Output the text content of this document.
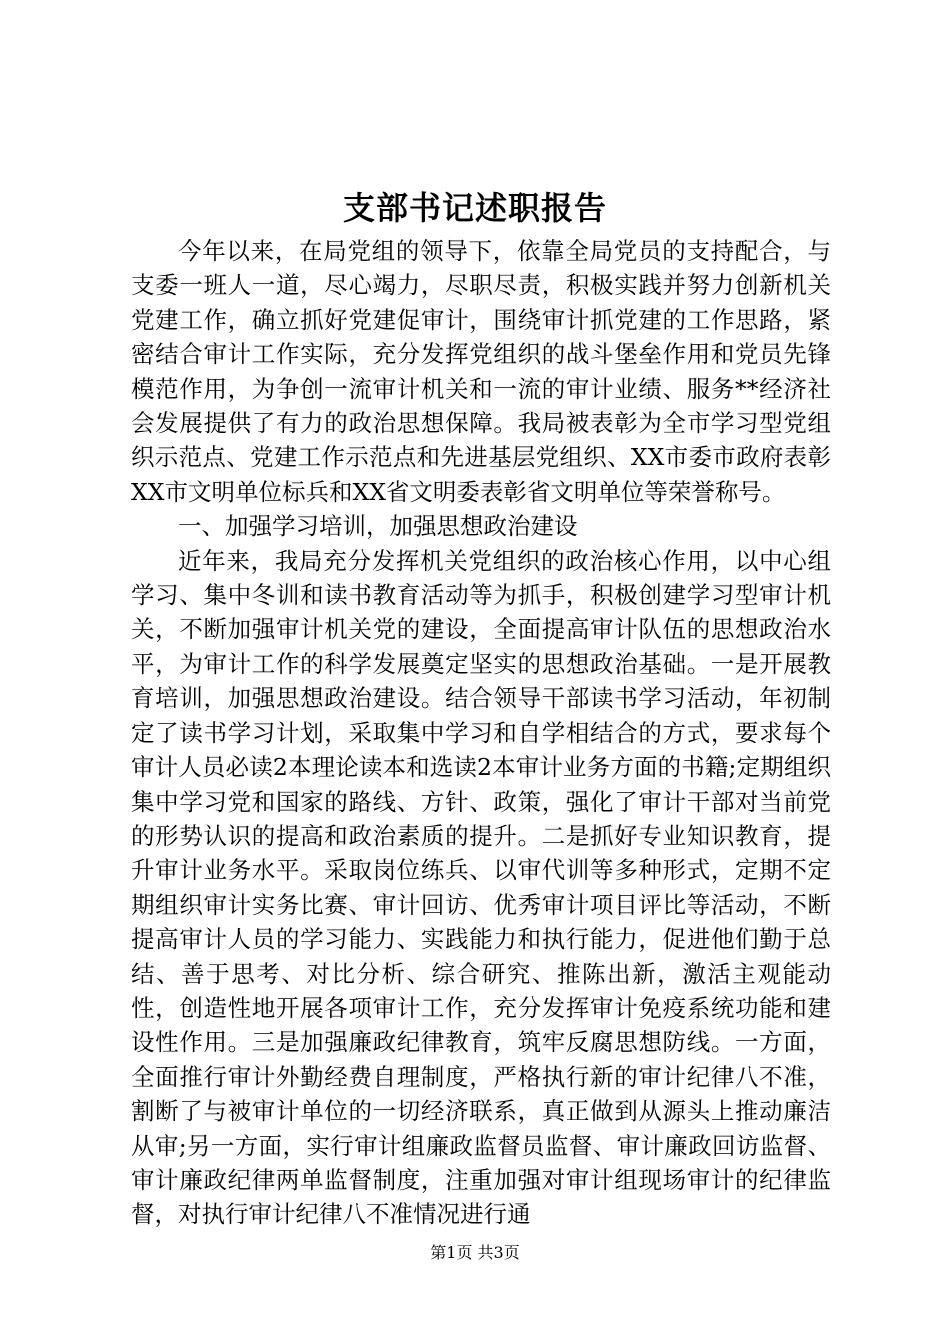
支部书记述职报告

今年以来，在局党组的领导下，依靠全局党员的支持配合，与支委一班人一道，尽心竭力，尽职尽责，积极实践并努力创新机关党建工作，确立抓好党建促审计，围绕审计抓党建的工作思路，紧密结合审计工作实际，充分发挥党组织的战斗堡垒作用和党员先锋模范作用，为争创一流审计机关和一流的审计业绩、服务**经济社会发展提供了有力的政治思想保障。我局被表彰为全市学习型党组织示范点、党建工作示范点和先进基层党组织、XX市委市政府表彰XX市文明单位标兵和XX省文明委表彰省文明单位等荣誉称号。

一、加强学习培训，加强思想政治建设

近年来，我局充分发挥机关党组织的政治核心作用，以中心组学习、集中冬训和读书教育活动等为抓手，积极创建学习型审计机关，不断加强审计机关党的建设，全面提高审计队伍的思想政治水平，为审计工作的科学发展奠定坚实的思想政治基础。一是开展教育培训，加强思想政治建设。结合领导干部读书学习活动，年初制定了读书学习计划，采取集中学习和自学相结合的方式，要求每个审计人员必读2本理论读本和选读2本审计业务方面的书籍;定期组织集中学习党和国家的路线、方针、政策，强化了审计干部对当前党的形势认识的提高和政治素质的提升。二是抓好专业知识教育，提升审计业务水平。采取岗位练兵、以审代训等多种形式，定期不定期组织审计实务比赛、审计回访、优秀审计项目评比等活动，不断提高审计人员的学习能力、实践能力和执行能力，促进他们勤于总结、善于思考、对比分析、综合研究、推陈出新，激活主观能动性，创造性地开展各项审计工作，充分发挥审计免疫系统功能和建设性作用。三是加强廉政纪律教育，筑牢反腐思想防线。一方面，全面推行审计外勤经费自理制度，严格执行新的审计纪律八不准，割断了与被审计单位的一切经济联系，真正做到从源头上推动廉洁从审;另一方面，实行审计组廉政监督员监督、审计廉政回访监督、审计廉政纪律两单监督制度，注重加强对审计组现场审计的纪律监督，对执行审计纪律八不准情况进行通

第1页 共3页
